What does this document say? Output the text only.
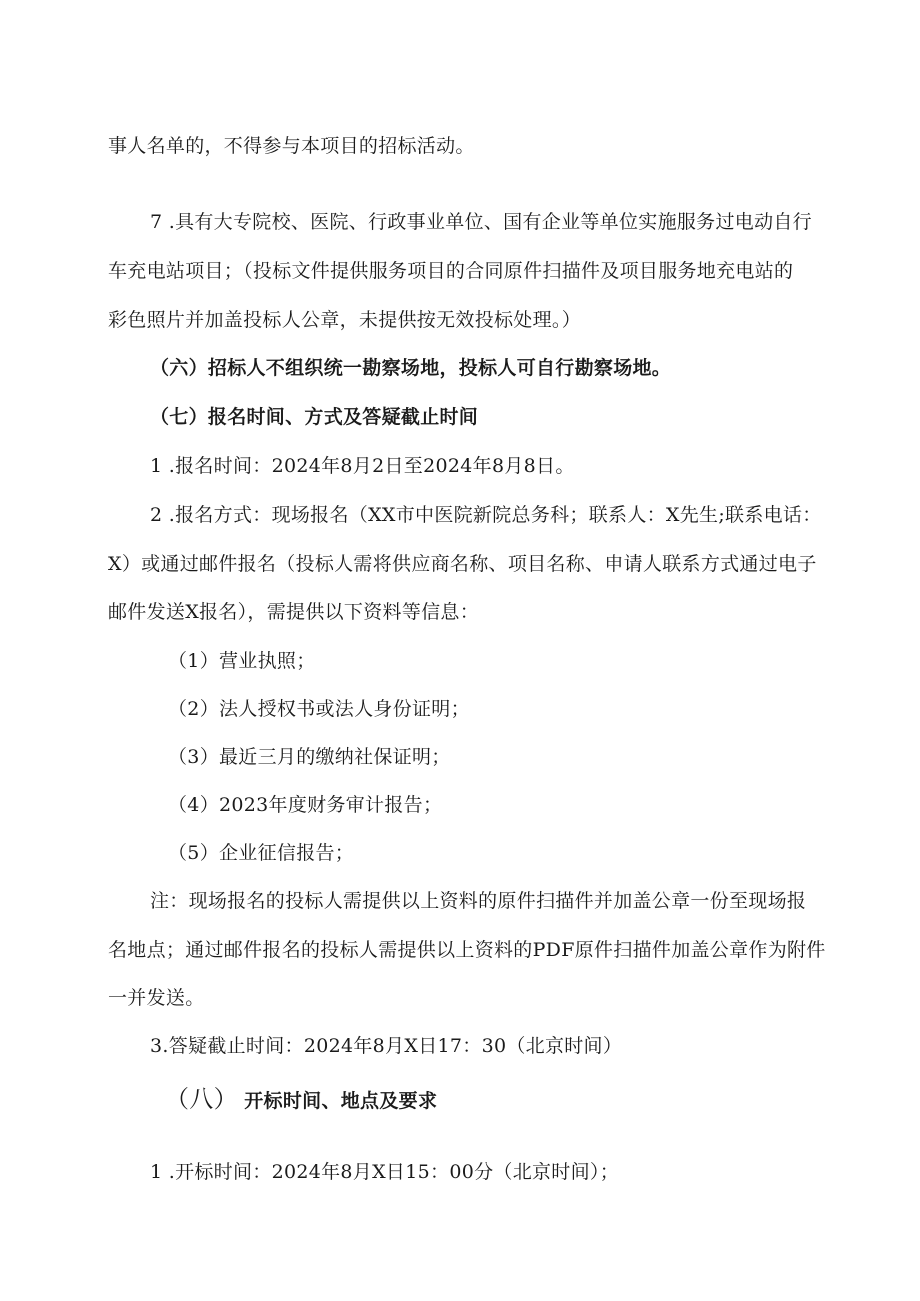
事人名单的，不得参与本项目的招标活动。
7 .具有大专院校、医院、行政事业单位、国有企业等单位实施服务过电动自行
车充电站项目；（投标文件提供服务项目的合同原件扫描件及项目服务地充电站的
彩色照片并加盖投标人公章，未提供按无效投标处理。）
（六）招标人不组织统一勘察场地，投标人可自行勘察场地。
（七）报名时间、方式及答疑截止时间
1 .报名时间：2024年8月2日至2024年8月8日。
2 .报名方式：现场报名（XX市中医院新院总务科；联系人：X先生;联系电话：
X）或通过邮件报名（投标人需将供应商名称、项目名称、申请人联系方式通过电子
邮件发送X报名），需提供以下资料等信息：
（1）营业执照；
（2）法人授权书或法人身份证明；
（3）最近三月的缴纳社保证明；
（4）2023年度财务审计报告；
（5）企业征信报告；
注：现场报名的投标人需提供以上资料的原件扫描件并加盖公章一份至现场报
名地点；通过邮件报名的投标人需提供以上资料的PDF原件扫描件加盖公章作为附件
一并发送。
3.答疑截止时间：2024年8月X日17：30（北京时间）
（八） 开标时间、地点及要求
1 .开标时间：2024年8月X日15：00分（北京时间）；
